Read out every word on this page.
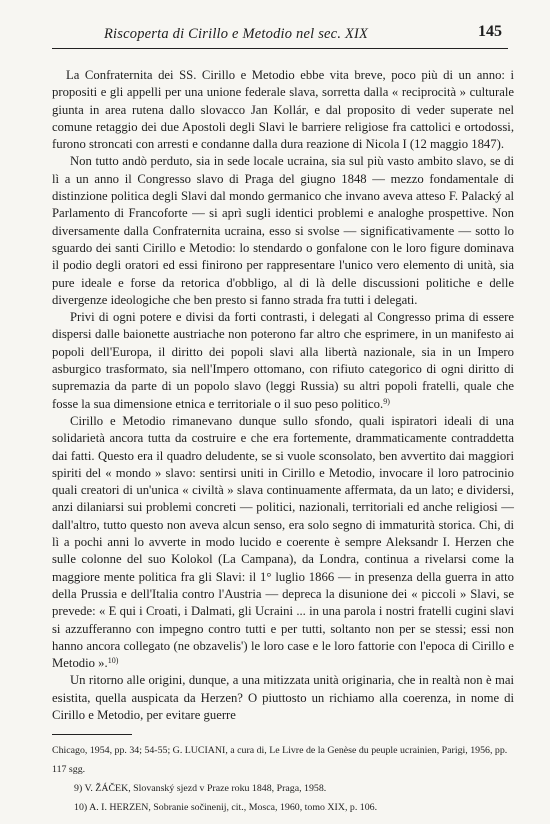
Riscoperta di Cirillo e Metodio nel sec. XIX	145

La Confraternita dei SS. Cirillo e Metodio ebbe vita breve, poco più di un anno: i propositi e gli appelli per una unione federale slava, sorretta dalla « reciprocità » culturale giunta in area rutena dallo slovacco Jan Kollár, e dal proposito di veder superate nel comune retaggio dei due Apostoli degli Slavi le barriere religiose fra cattolici e ortodossi, furono stroncati con arresti e condanne dalla dura reazione di Nicola I (12 maggio 1847).

Non tutto andò perduto, sia in sede locale ucraina, sia sul più vasto ambito slavo, se di lì a un anno il Congresso slavo di Praga del giugno 1848 — mezzo fondamentale di distinzione politica degli Slavi dal mondo germanico che invano aveva atteso F. Palacký al Parlamento di Francoforte — si aprì sugli identici problemi e analoghe prospettive. Non diversamente dalla Confraternita ucraina, esso si svolse — significativamente — sotto lo sguardo dei santi Cirillo e Metodio: lo stendardo o gonfalone con le loro figure dominava il podio degli oratori ed essi finirono per rappresentare l'unico vero elemento di unità, sia pure ideale e forse da retorica d'obbligo, al di là delle discussioni politiche e delle divergenze ideologiche che ben presto si fanno strada fra tutti i delegati.

Privi di ogni potere e divisi da forti contrasti, i delegati al Congresso prima di essere dispersi dalle baionette austriache non poterono far altro che esprimere, in un manifesto ai popoli dell'Europa, il diritto dei popoli slavi alla libertà nazionale, sia in un Impero asburgico trasformato, sia nell'Impero ottomano, con rifiuto categorico di ogni diritto di supremazia da parte di un popolo slavo (leggi Russia) su altri popoli fratelli, quale che fosse la sua dimensione etnica e territoriale o il suo peso politico.$^{9)}$

Cirillo e Metodio rimanevano dunque sullo sfondo, quali ispiratori ideali di una solidarietà ancora tutta da costruire e che era fortemente, drammaticamente contraddetta dai fatti. Questo era il quadro deludente, se si vuole sconsolato, ben avvertito dai maggiori spiriti del « mondo » slavo: sentirsi uniti in Cirillo e Metodio, invocare il loro patrocinio quali creatori di un'unica « civiltà » slava continuamente affermata, da un lato; e dividersi, anzi dilaniarsi sui problemi concreti — politici, nazionali, territoriali ed anche religiosi — dall'altro, tutto questo non aveva alcun senso, era solo segno di immaturità storica. Chi, di lì a pochi anni lo avverte in modo lucido e coerente è sempre Aleksandr I. Herzen che sulle colonne del suo Kolokol (La Campana), da Londra, continua a rivelarsi come la maggiore mente politica fra gli Slavi: il 1° luglio 1866 — in presenza della guerra in atto della Prussia e dell'Italia contro l'Austria — depreca la disunione dei « piccoli » Slavi, se prevede: « E qui i Croati, i Dalmati, gli Ucraini ... in una parola i nostri fratelli cugini slavi si azzufferanno con impegno contro tutti e per tutti, soltanto non per se stessi; essi non hanno ancora collegato (ne obzavelis') le loro case e le loro fattorie con l'epoca di Cirillo e Metodio ».$^{10)}$

Un ritorno alle origini, dunque, a una mitizzata unità originaria, che in realtà non è mai esistita, quella auspicata da Herzen? O piuttosto un richiamo alla coerenza, in nome di Cirillo e Metodio, per evitare guerre

Chicago, 1954, pp. 34; 54-55; G. LUCIANI, a cura di, Le Livre de la Genèse du peuple ucrainien, Parigi, 1956, pp. 117 sgg.

9) V. ŽÁČEK, Slovanský sjezd v Praze roku 1848, Praga, 1958.

10) A. I. HERZEN, Sobranie sočinenij, cit., Mosca, 1960, tomo XIX, p. 106.
